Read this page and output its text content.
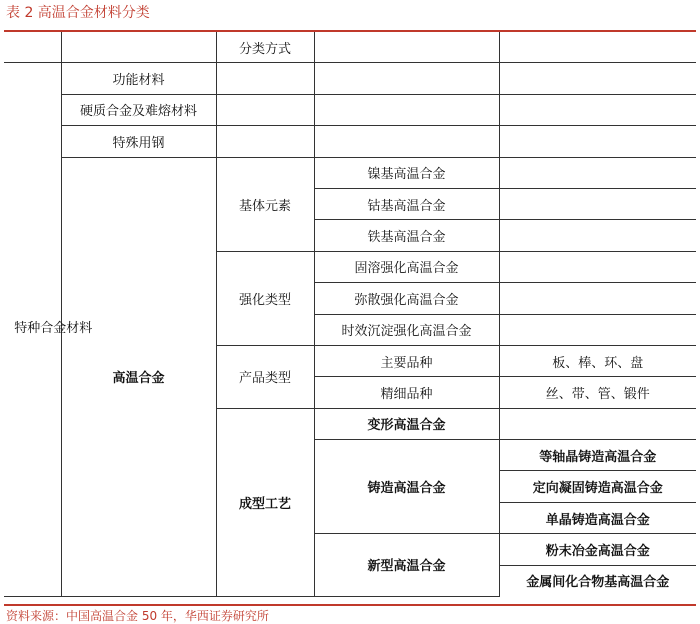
表 2 高温合金材料分类
		分类方式		
特种合金材料	功能材料			
	硬质合金及难熔材料			
	特殊用钢			
	高温合金	基体元素	镍基高温合金	
			钴基高温合金	
			铁基高温合金	
		强化类型	固溶强化高温合金	
			弥散强化高温合金	
			时效沉淀强化高温合金	
		产品类型	主要品种	板、棒、环、盘
			精细品种	丝、带、管、锻件
		成型工艺	变形高温合金	
			铸造高温合金	等轴晶铸造高温合金
				定向凝固铸造高温合金
				单晶铸造高温合金
			新型高温合金	粉末冶金高温合金
				金属间化合物基高温合金
资料来源：中国高温合金 50 年，华西证券研究所
